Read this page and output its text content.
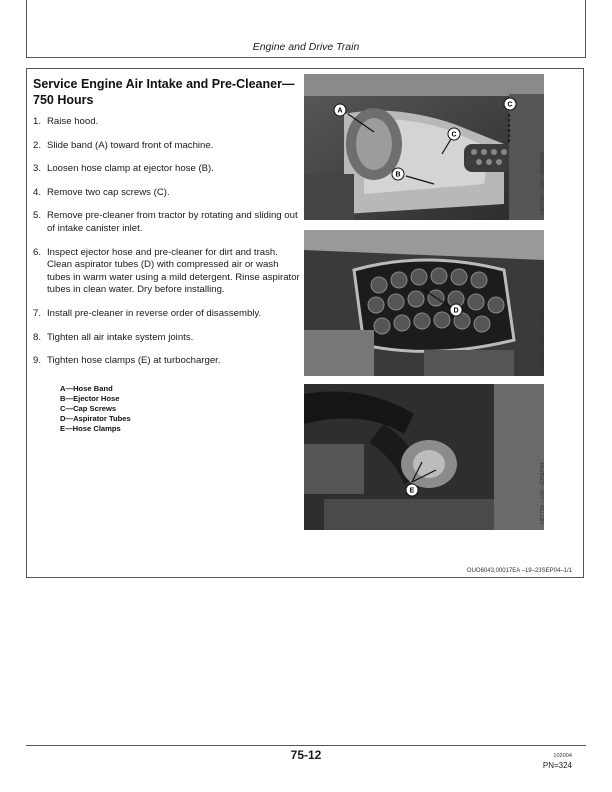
Engine and Drive Train
Service Engine Air Intake and Pre-Cleaner—
750 Hours
1. Raise hood.
2. Slide band (A) toward front of machine.
3. Loosen hose clamp at ejector hose (B).
4. Remove two cap screws (C).
5. Remove pre-cleaner from tractor by rotating and sliding out of intake canister inlet.
6. Inspect ejector hose and pre-cleaner for dirt and trash. Clean aspirator tubes (D) with compressed air or wash tubes in warm water using a mild detergent. Rinse aspirator tubes in clean water. Dry before installing.
7. Install pre-cleaner in reverse order of disassembly.
8. Tighten all air intake system joints.
9. Tighten hose clamps (E) at turbocharger.
A—Hose Band
B—Ejector Hose
C—Cap Screws
D—Aspirator Tubes
E—Hose Clamps
A
C
C
B	N57737 —UN—20SEP04
D	N57738 —UN—20SEP04
E	N57739 —UN—20SEP04
OUO6043,00017EA –19–23SEP04–1/1
75-12	102004
PN=324
